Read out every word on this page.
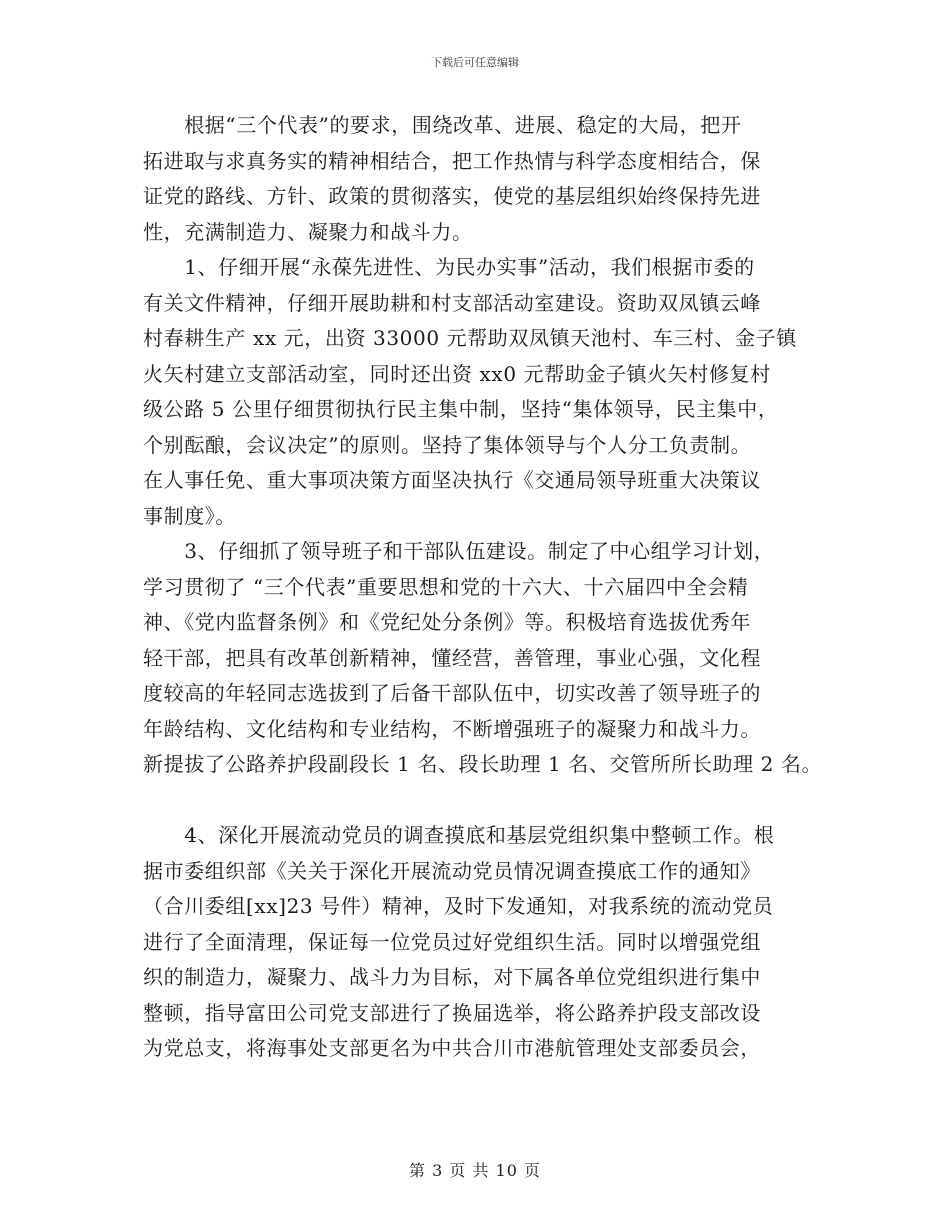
下载后可任意编辑
　　根据“三个代表”的要求，围绕改革、进展、稳定的大局，把开
拓进取与求真务实的精神相结合，把工作热情与科学态度相结合，保
证党的路线、方针、政策的贯彻落实，使党的基层组织始终保持先进
性，充满制造力、凝聚力和战斗力。
　　1、仔细开展“永葆先进性、为民办实事”活动，我们根据市委的
有关文件精神，仔细开展助耕和村支部活动室建设。资助双凤镇云峰
村春耕生产 xx 元，出资 33000 元帮助双凤镇天池村、车三村、金子镇
火矢村建立支部活动室，同时还出资 xx0 元帮助金子镇火矢村修复村
级公路 5 公里仔细贯彻执行民主集中制，坚持“集体领导，民主集中，
个别酝酿，会议决定”的原则。坚持了集体领导与个人分工负责制。
在人事任免、重大事项决策方面坚决执行《交通局领导班重大决策议
事制度》。
　　3、仔细抓了领导班子和干部队伍建设。制定了中心组学习计划，
学习贯彻了 “三个代表”重要思想和党的十六大、十六届四中全会精
神、《党内监督条例》和《党纪处分条例》等。积极培育选拔优秀年
轻干部，把具有改革创新精神，懂经营，善管理，事业心强，文化程
度较高的年轻同志选拔到了后备干部队伍中，切实改善了领导班子的
年龄结构、文化结构和专业结构，不断增强班子的凝聚力和战斗力。
新提拔了公路养护段副段长 1 名、段长助理 1 名、交管所所长助理 2 名。
　　4、深化开展流动党员的调查摸底和基层党组织集中整顿工作。根
据市委组织部《关关于深化开展流动党员情况调查摸底工作的通知》
（合川委组[xx]23 号件）精神，及时下发通知，对我系统的流动党员
进行了全面清理，保证每一位党员过好党组织生活。同时以增强党组
织的制造力，凝聚力、战斗力为目标，对下属各单位党组织进行集中
整顿，指导富田公司党支部进行了换届选举，将公路养护段支部改设
为党总支，将海事处支部更名为中共合川市港航管理处支部委员会，
第 3 页 共 10 页
